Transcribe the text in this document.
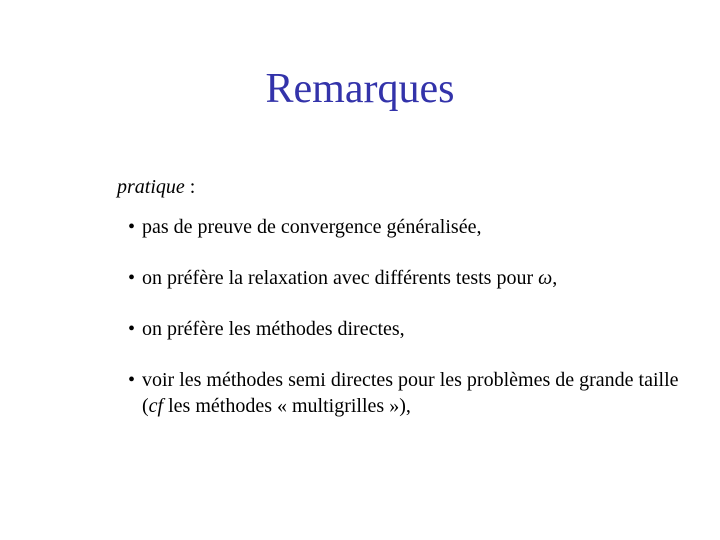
Remarques
pratique :
• pas de preuve de convergence généralisée,
• on préfère la relaxation avec différents tests pour ω,
• on préfère les méthodes directes,
• voir les méthodes semi directes pour les problèmes de grande taille (cf les méthodes « multigrilles »),
